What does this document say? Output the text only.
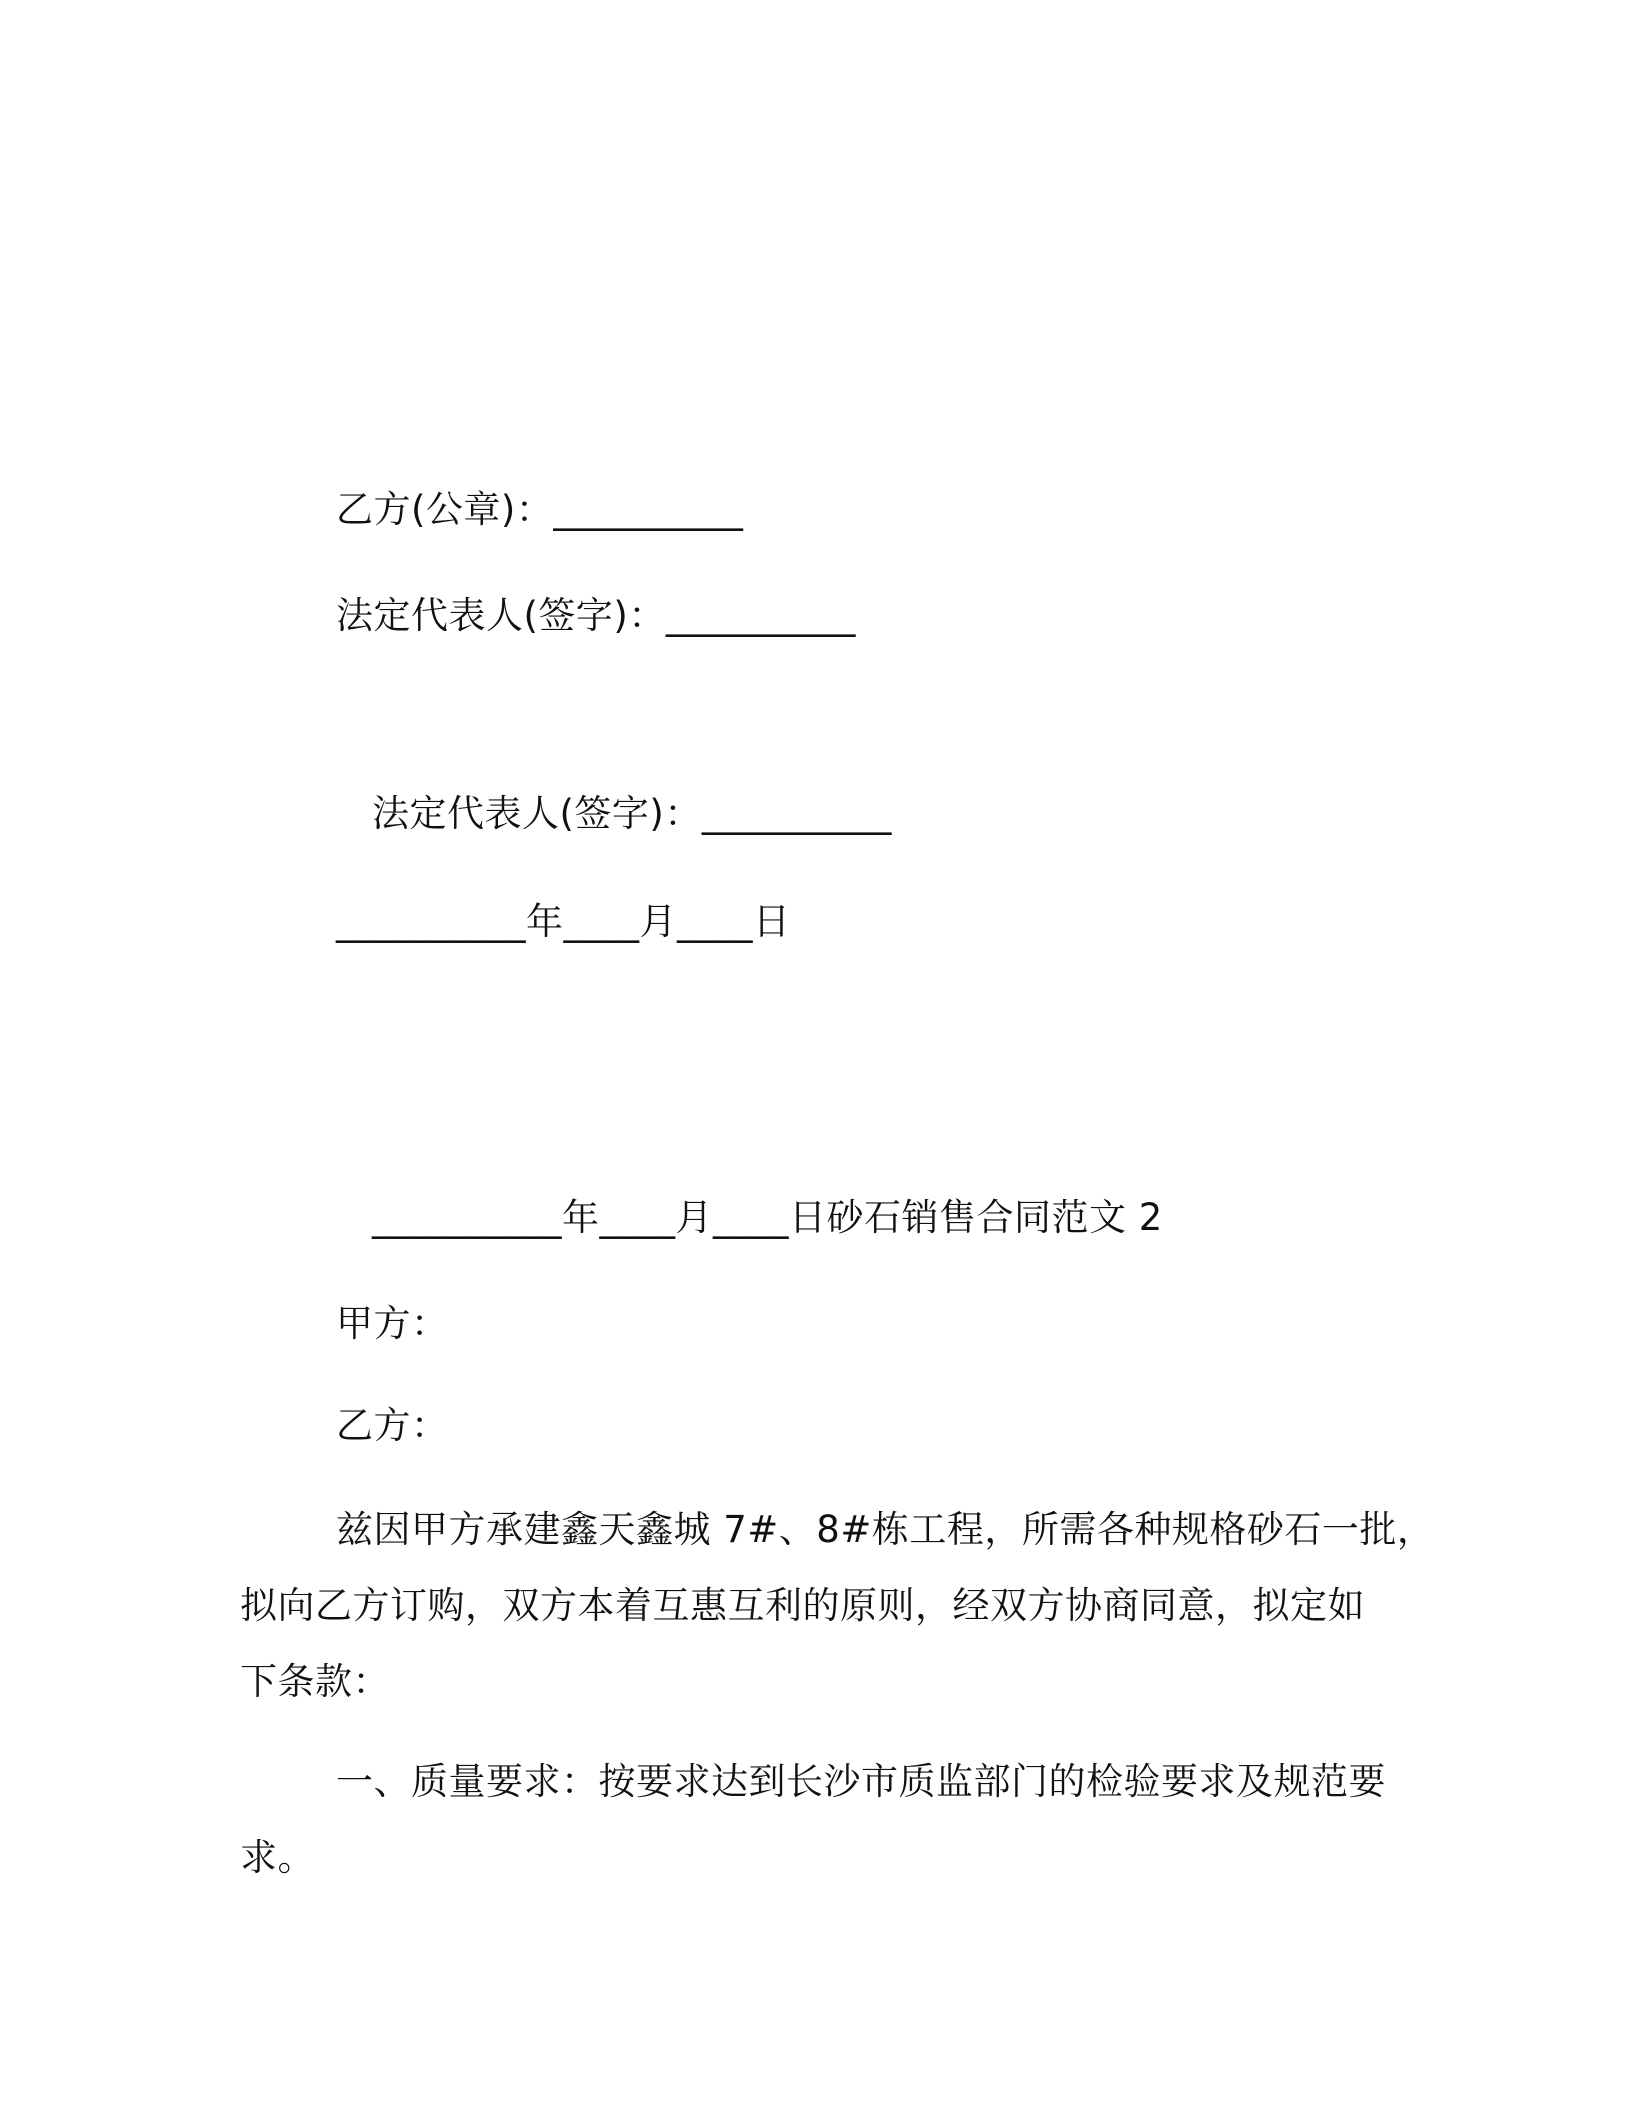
乙方(公章)：__________
法定代表人(签字)：__________
法定代表人(签字)：__________
__________年____月____日
__________年____月____日砂石销售合同范文 2
甲方：
乙方：
兹因甲方承建鑫天鑫城 7#、8#栋工程，所需各种规格砂石一批，
拟向乙方订购，双方本着互惠互利的原则，经双方协商同意，拟定如
下条款：
一、质量要求：按要求达到长沙市质监部门的检验要求及规范要
求。
